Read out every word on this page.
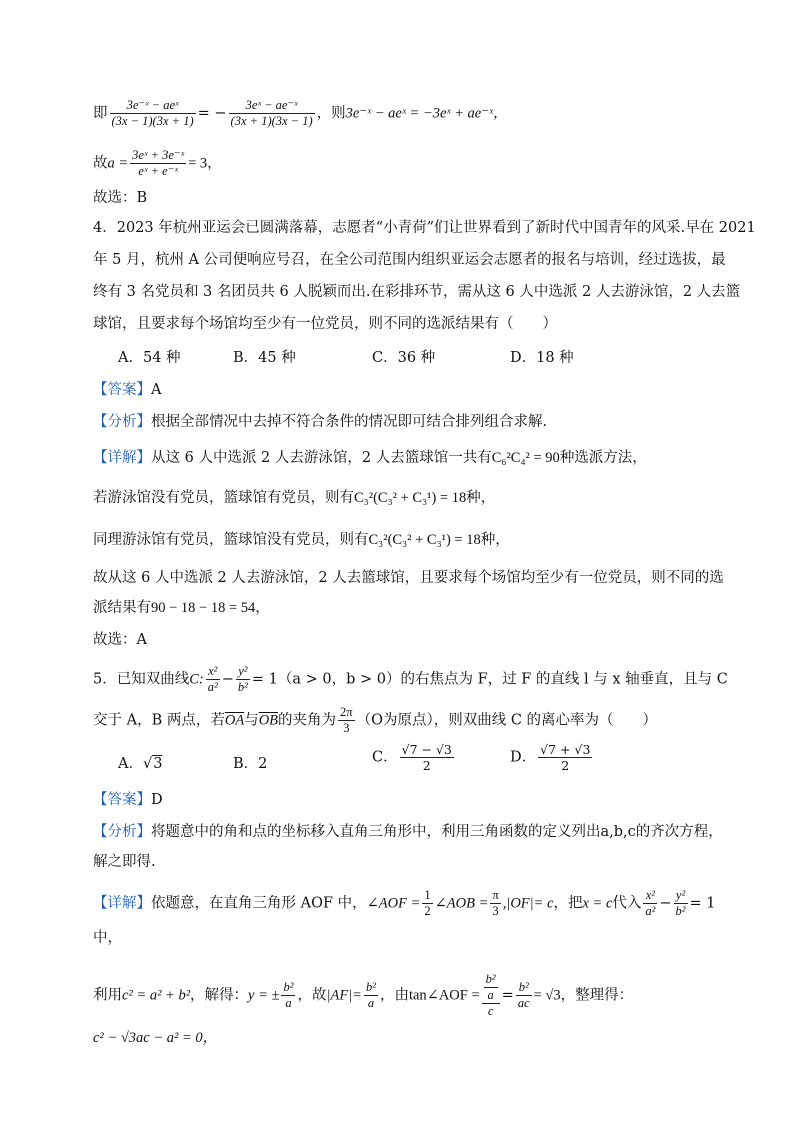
即 $\frac{\text{3e⁻ˣ − aeˣ}}{(3x - 1)(3x + 1)}$ = − $\frac{\text{3eˣ − ae⁻ˣ}}{(3x + 1)(3x - 1)}$ ，则3e⁻ˣ − aeˣ = −3eˣ + ae⁻ˣ，
故$a = \frac{\text{3eˣ + 3e⁻ˣ}}{\text{eˣ + e⁻ˣ}} = 3$，
故选：B
4．2023 年杭州亚运会已圆满落幕，志愿者“小青荷”们让世界看到了新时代中国青年的风采.早在 2021
年 5 月，杭州 A 公司便响应号召，在全公司范围内组织亚运会志愿者的报名与培训，经过选拔，最
终有 3 名党员和 3 名团员共 6 人脱颖而出.在彩排环节，需从这 6 人中选派 2 人去游泳馆，2 人去篮
球馆，且要求每个场馆均至少有一位党员，则不同的选派结果有（　　）
A．54 种	B．45 种	C．36 种	D．18 种
【答案】A
【分析】根据全部情况中去掉不符合条件的情况即可结合排列组合求解.
【详解】从这 6 人中选派 2 人去游泳馆，2 人去篮球馆一共有C₆²C₄² = 90种选派方法，
若游泳馆没有党员，篮球馆有党员，则有C₃²(C₃² + C₃¹) = 18种，
同理游泳馆有党员，篮球馆没有党员，则有C₃²(C₃² + C₃¹) = 18种，
故从这 6 人中选派 2 人去游泳馆，2 人去篮球馆，且要求每个场馆均至少有一位党员，则不同的选
派结果有90 − 18 − 18 = 54，
故选：A
5．已知双曲线C: $\frac{\text{x²}}{\text{a²}} - \frac{\text{y²}}{\text{b²}} = 1(a > 0$，b > 0）的右焦点为 F，过 F 的直线 l 与 x 轴垂直，且与 C
交于 A，B 两点，若$\overline{OA}$与$\overline{OB}$的夹角为 $\frac{2\pi}{3} (O$为原点），则双曲线 C 的离心率为（　　）
A．√3	B．2	C． $\frac{√7 - √3}{2}$	D． $\frac{√7 + √3}{2}$
【答案】D
【分析】将题意中的角和点的坐标移入直角三角形中，利用三角函数的定义列出a,b,c的齐次方程，
解之即得.
【详解】依题意，在直角三角形 AOF 中，∠AOF = $\frac{1}{2}$ ∠AOB = $\frac{\pi}{3} ,|OF|= c$，把x = c代入 $\frac{\text{x²}}{\text{a²}} - \frac{\text{y²}}{\text{b²}} = 1$
中，
利用c² = a² + b²，解得：y = ± $\frac{\text{b²}}{a}$ ，故$|AF|= \frac{\text{b²}}{a}$ ，由tan∠AOF = $\frac{\frac{\text{b²}}{a}}{c} = \frac{\text{b²}}{ac} = √3$，整理得：
c² − √3ac − a² = 0，
